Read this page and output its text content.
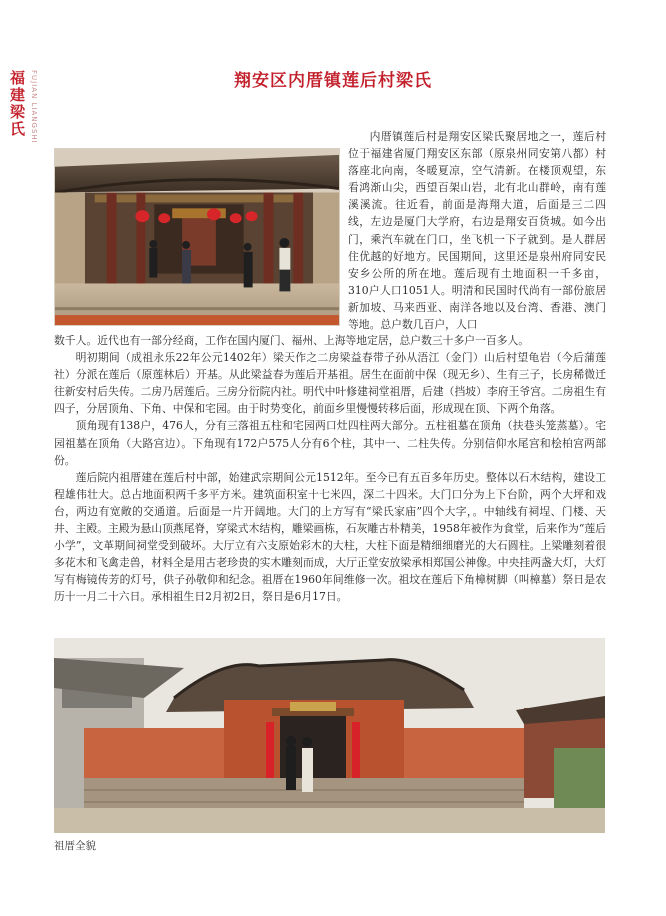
福建梁氏 FUJIAN LIANGSHI	翔安区内厝镇莲后村梁氏

内厝镇莲后村是翔安区梁氏聚居地之一，莲后村位于福建省厦门翔安区东部（原泉州同安第八都）村落座北向南，冬暖夏凉，空气清新。在楼顶观望，东看鸿渐山尖，西望百架山岩，北有北山群岭，南有莲溪溪流。往近看，前面是海翔大道，后面是三二四线，左边是厦门大学府，右边是翔安百货城。如今出门，乘汽车就在门口，坐飞机一下子就到。是人群居住优越的好地方。民国期间，这里还是泉州府同安民安乡公所的所在地。莲后现有土地面积一千多亩，310户人口1051人。明清和民国时代尚有一部份旅居新加坡、马来西亚、南洋各地以及台湾、香港、澳门等地。总户数几百户，人口

数千人。近代也有一部分经商，工作在国内厦门、福州、上海等地定居，总户数三十多户一百多人。

明初期间（成祖永乐22年公元1402年）梁天作之二房梁益春带子孙从浯江（金门）山后村望龟岩（今后蒲莲社）分派在莲后（原莲林后）开基。从此梁益春为莲后开基祖。居生在面前中保（现无乡）、生有三子，长房稀微迁往新安村后失传。二房乃居莲后。三房分衍院内社。明代中叶修建祠堂祖厝，后建（挡坡）李府王爷宫。二房祖生有四子，分居顶角、下角、中保和宅园。由于时势变化，前面乡里慢慢转移后面，形成现在顶、下两个角落。

顶角现有138户，476人，分有三落祖五柱和宅园两口灶四柱两大部分。五柱祖墓在顶角（扶巷头笼蒸墓）。宅园祖墓在顶角（大路宫边）。下角现有172户575人分有6个柱，其中一、二柱失传。分别信仰水尾宫和桧柏宫两部份。

莲后院内祖厝建在莲后村中部，始建武宗期间公元1512年。至今已有五百多年历史。整体以石木结构，建设工程雄伟壮大。总占地面积两千多平方米。建筑面积室十七米四，深二十四米。大门口分为上下台阶，两个大坪和戏台，两边有宽敞的交通道。后面是一片开阔地。大门的上方写有“梁氏家庙”四个大字，。中轴线有祠埕、门楼、天井、主殿。主殿为悬山顶燕尾脊，穿梁式木结构，雕梁画栋，石灰雕古朴精美，1958年被作为食堂，后来作为“莲后小学”，文革期间祠堂受到破坏。大厅立有六支原始彩木的大柱，大柱下面是精细细磨光的大石圆柱。上梁雕刻着很多花木和飞禽走兽，材料全是用古老珍贵的实木雕刻而成，大厅正堂安放梁承相郑国公神像。中央挂两盏大灯，大灯写有梅镜传芳的灯号，供子孙敬仰和纪念。祖厝在1960年间维修一次。祖坟在莲后下角樟树脚（叫樟墓）祭日是农历十一月二十六日。承相祖生日2月初2日，祭日是6月17日。

祖厝全貌
